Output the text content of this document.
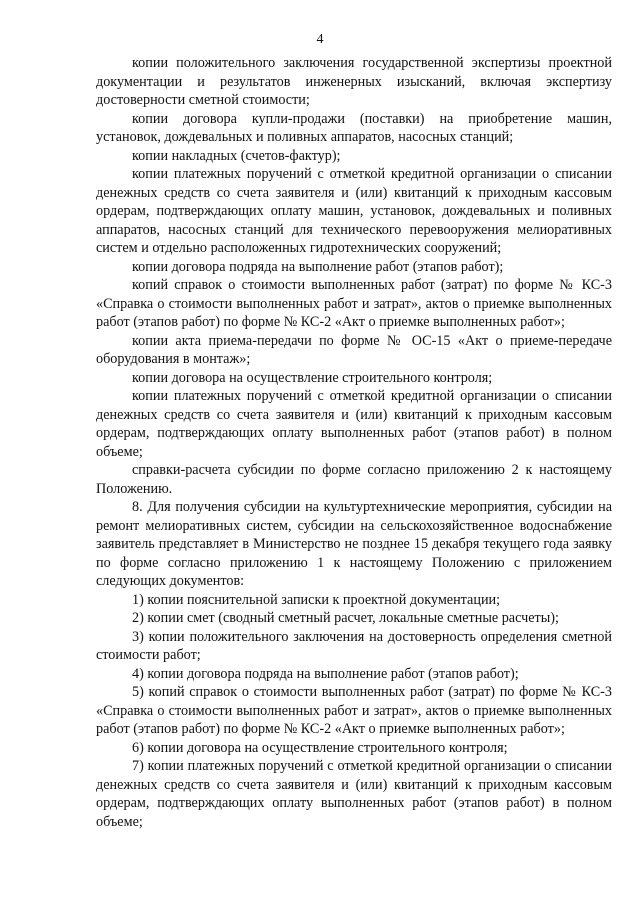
4

копии положительного заключения государственной экспертизы проектной документации и результатов инженерных изысканий, включая экспертизу достоверности сметной стоимости;

копии договора купли-продажи (поставки) на приобретение машин, установок, дождевальных и поливных аппаратов, насосных станций;

копии накладных (счетов-фактур);

копии платежных поручений с отметкой кредитной организации о списании денежных средств со счета заявителя и (или) квитанций к приходным кассовым ордерам, подтверждающих оплату машин, установок, дождевальных и поливных аппаратов, насосных станций для технического перевооружения мелиоративных систем и отдельно расположенных гидротехнических сооружений;

копии договора подряда на выполнение работ (этапов работ);

копий справок о стоимости выполненных работ (затрат) по форме № КС-3 «Справка о стоимости выполненных работ и затрат», актов о приемке выполненных работ (этапов работ) по форме № КС-2 «Акт о приемке выполненных работ»;

копии акта приема-передачи по форме № ОС-15 «Акт о приеме-передаче оборудования в монтаж»;

копии договора на осуществление строительного контроля;

копии платежных поручений с отметкой кредитной организации о списании денежных средств со счета заявителя и (или) квитанций к приходным кассовым ордерам, подтверждающих оплату выполненных работ (этапов работ) в полном объеме;

справки-расчета субсидии по форме согласно приложению 2 к настоящему Положению.

8. Для получения субсидии на культуртехнические мероприятия, субсидии на ремонт мелиоративных систем, субсидии на сельскохозяйственное водоснабжение заявитель представляет в Министерство не позднее 15 декабря текущего года заявку по форме согласно приложению 1 к настоящему Положению с приложением следующих документов:

1) копии пояснительной записки к проектной документации;

2) копии смет (сводный сметный расчет, локальные сметные расчеты);

3) копии положительного заключения на достоверность определения сметной стоимости работ;

4) копии договора подряда на выполнение работ (этапов работ);

5) копий справок о стоимости выполненных работ (затрат) по форме № КС-3 «Справка о стоимости выполненных работ и затрат», актов о приемке выполненных работ (этапов работ) по форме № КС-2 «Акт о приемке выполненных работ»;

6) копии договора на осуществление строительного контроля;

7) копии платежных поручений с отметкой кредитной организации о списании денежных средств со счета заявителя и (или) квитанций к приходным кассовым ордерам, подтверждающих оплату выполненных работ (этапов работ) в полном объеме;
